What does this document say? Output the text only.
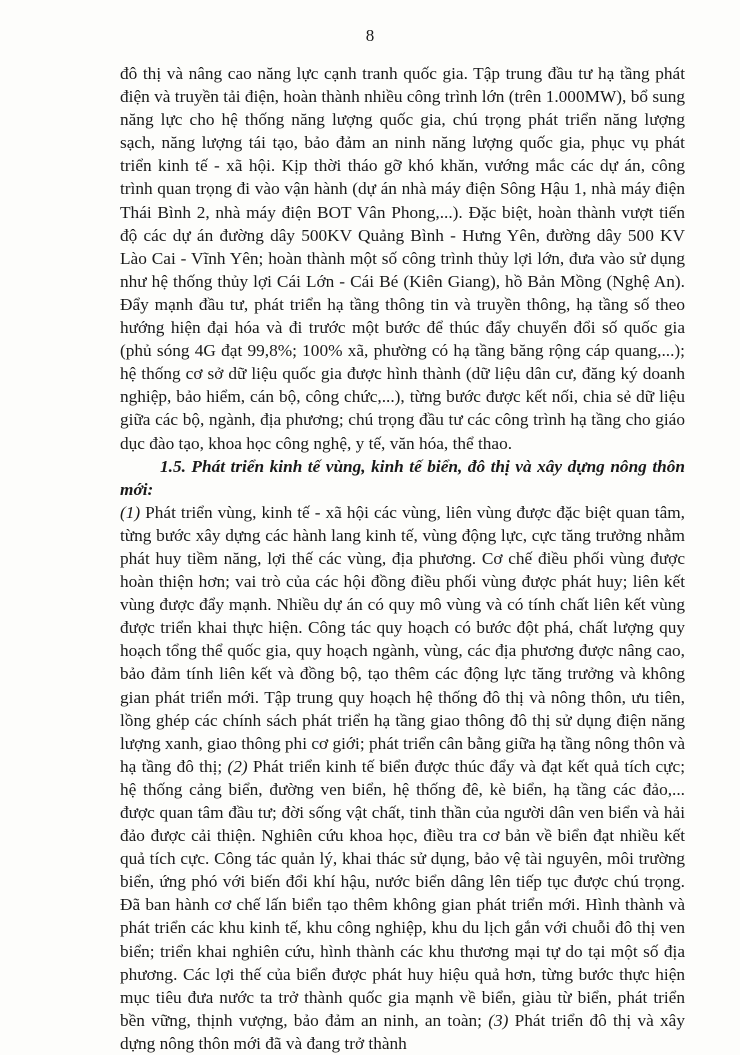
8

đô thị và nâng cao năng lực cạnh tranh quốc gia. Tập trung đầu tư hạ tầng phát điện và truyền tải điện, hoàn thành nhiều công trình lớn (trên 1.000MW), bổ sung năng lực cho hệ thống năng lượng quốc gia, chú trọng phát triển năng lượng sạch, năng lượng tái tạo, bảo đảm an ninh năng lượng quốc gia, phục vụ phát triển kinh tế - xã hội. Kịp thời tháo gỡ khó khăn, vướng mắc các dự án, công trình quan trọng đi vào vận hành (dự án nhà máy điện Sông Hậu 1, nhà máy điện Thái Bình 2, nhà máy điện BOT Vân Phong,...). Đặc biệt, hoàn thành vượt tiến độ các dự án đường dây 500KV Quảng Bình - Hưng Yên, đường dây 500 KV Lào Cai - Vĩnh Yên; hoàn thành một số công trình thủy lợi lớn, đưa vào sử dụng như hệ thống thủy lợi Cái Lớn - Cái Bé (Kiên Giang), hồ Bản Mồng (Nghệ An). Đẩy mạnh đầu tư, phát triển hạ tầng thông tin và truyền thông, hạ tầng số theo hướng hiện đại hóa và đi trước một bước để thúc đẩy chuyển đổi số quốc gia (phủ sóng 4G đạt 99,8%; 100% xã, phường có hạ tầng băng rộng cáp quang,...); hệ thống cơ sở dữ liệu quốc gia được hình thành (dữ liệu dân cư, đăng ký doanh nghiệp, bảo hiểm, cán bộ, công chức,...), từng bước được kết nối, chia sẻ dữ liệu giữa các bộ, ngành, địa phương; chú trọng đầu tư các công trình hạ tầng cho giáo dục đào tạo, khoa học công nghệ, y tế, văn hóa, thể thao.

1.5. Phát triển kinh tế vùng, kinh tế biển, đô thị và xây dựng nông thôn mới:

(1) Phát triển vùng, kinh tế - xã hội các vùng, liên vùng được đặc biệt quan tâm, từng bước xây dựng các hành lang kinh tế, vùng động lực, cực tăng trưởng nhằm phát huy tiềm năng, lợi thế các vùng, địa phương. Cơ chế điều phối vùng được hoàn thiện hơn; vai trò của các hội đồng điều phối vùng được phát huy; liên kết vùng được đẩy mạnh. Nhiều dự án có quy mô vùng và có tính chất liên kết vùng được triển khai thực hiện. Công tác quy hoạch có bước đột phá, chất lượng quy hoạch tổng thể quốc gia, quy hoạch ngành, vùng, các địa phương được nâng cao, bảo đảm tính liên kết và đồng bộ, tạo thêm các động lực tăng trưởng và không gian phát triển mới. Tập trung quy hoạch hệ thống đô thị và nông thôn, ưu tiên, lồng ghép các chính sách phát triển hạ tầng giao thông đô thị sử dụng điện năng lượng xanh, giao thông phi cơ giới; phát triển cân bằng giữa hạ tầng nông thôn và hạ tầng đô thị; (2) Phát triển kinh tế biển được thúc đẩy và đạt kết quả tích cực; hệ thống cảng biển, đường ven biển, hệ thống đê, kè biển, hạ tầng các đảo,... được quan tâm đầu tư; đời sống vật chất, tinh thần của người dân ven biển và hải đảo được cải thiện. Nghiên cứu khoa học, điều tra cơ bản về biển đạt nhiều kết quả tích cực. Công tác quản lý, khai thác sử dụng, bảo vệ tài nguyên, môi trường biển, ứng phó với biến đổi khí hậu, nước biển dâng lên tiếp tục được chú trọng. Đã ban hành cơ chế lấn biển tạo thêm không gian phát triển mới. Hình thành và phát triển các khu kinh tế, khu công nghiệp, khu du lịch gắn với chuỗi đô thị ven biển; triển khai nghiên cứu, hình thành các khu thương mại tự do tại một số địa phương. Các lợi thế của biển được phát huy hiệu quả hơn, từng bước thực hiện mục tiêu đưa nước ta trở thành quốc gia mạnh về biển, giàu từ biển, phát triển bền vững, thịnh vượng, bảo đảm an ninh, an toàn; (3) Phát triển đô thị và xây dựng nông thôn mới đã và đang trở thành
